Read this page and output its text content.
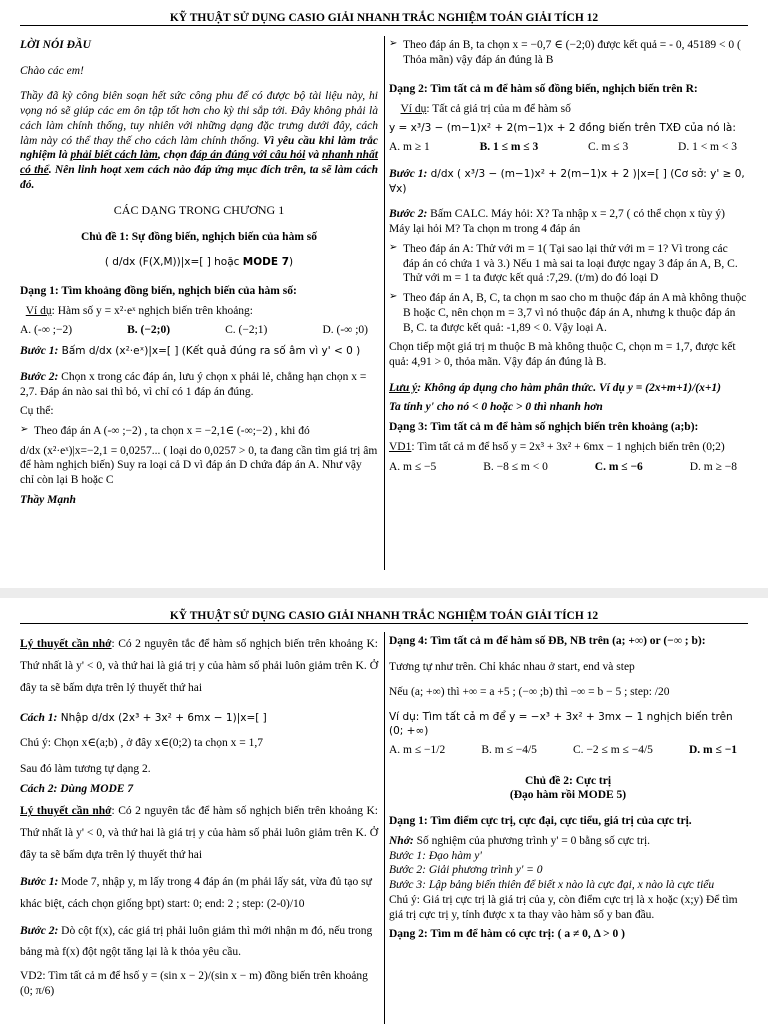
KỸ THUẬT SỬ DỤNG CASIO GIẢI NHANH TRẮC NGHIỆM TOÁN GIẢI TÍCH 12

LỜI NÓI ĐẦU

Chào các em!

Thầy đã kỳ công biên soạn hết sức công phu để có được bộ tài liệu này, hi vọng nó sẽ giúp các em ôn tập tốt hơn cho kỳ thi sắp tới. Đây không phải là cách làm chính thống, tuy nhiên với những dạng đặc trưng dưới đây, cách làm này có thể thay thế cho cách làm chính thống. Vì yêu cầu khi làm trắc nghiệm là phải biết cách làm, chọn đáp án đúng với câu hỏi và nhanh nhất có thể. Nên linh hoạt xem cách nào đáp ứng mục đích trên, ta sẽ làm cách đó.

CÁC DẠNG TRONG CHƯƠNG 1

Chủ đề 1: Sự đồng biến, nghịch biến của hàm số

( d/dx (F(X,M))|x=[ ] hoặc MODE 7)

Dạng 1: Tìm khoảng đồng biến, nghịch biến của hàm số:

Ví dụ: Hàm số y = x²·eˣ nghịch biến trên khoảng:

A. (-∞ ;−2)	B. (−2;0)	C. (−2;1)	D. (-∞ ;0)

Bước 1: Bấm d/dx (x²·eˣ)|x=[ ] (Kết quả đúng ra số âm vì y' < 0 )

Bước 2: Chọn x trong các đáp án, lưu ý chọn x phải lẻ, chẳng hạn chọn x = 2,7. Đáp án nào sai thì bỏ, vì chỉ có 1 đáp án đúng.

Cụ thể:

➢ Theo đáp án A (-∞ ;−2) , ta chọn x = −2,1∈ (-∞;−2) , khi đó

d/dx (x²·eˣ)|x=−2,1 = 0,0257... ( loại do 0,0257 > 0, ta đang cần tìm giá trị âm để hàm nghịch biến) Suy ra loại cả D vì đáp án D chứa đáp án A. Như vậy chỉ còn lại B hoặc C

Thầy Mạnh

➢ Theo đáp án B, ta chọn x = −0,7 ∈ (−2;0) được kết quả = - 0, 45189 < 0 ( Thỏa mãn) vậy đáp án đúng là B

Dạng 2: Tìm tất cả m để hàm số đồng biến, nghịch biến trên R:

Ví dụ: Tất cả giá trị của m để hàm số

y = x³/3 − (m−1)x² + 2(m−1)x + 2 đồng biến trên TXĐ của nó là:

A. m ≥ 1	B. 1 ≤ m ≤ 3	C. m ≤ 3	D. 1 < m < 3

Bước 1: d/dx ( x³/3 − (m−1)x² + 2(m−1)x + 2 )|x=[ ] (Cơ sở: y' ≥ 0, ∀x)

Bước 2: Bấm CALC. Máy hỏi: X? Ta nhập x = 2,7 ( có thể chọn x tùy ý) Máy lại hỏi M? Ta chọn m trong 4 đáp án

➢ Theo đáp án A: Thử với m = 1( Tại sao lại thử với m = 1? Vì trong các đáp án có chứa 1 và 3.) Nếu 1 mà sai ta loại được ngay 3 đáp án A, B, C. Thử với m = 1 ta được kết quả :7,29. (t/m) do đó loại D

➢ Theo đáp án A, B, C, ta chọn m sao cho m thuộc đáp án A mà không thuộc B hoặc C, nên chọn m = 3,7 vì nó thuộc đáp án A, nhưng k thuộc đáp án B, C. ta được kết quả: -1,89 < 0. Vậy loại A.

Chọn tiếp một giá trị m thuộc B mà không thuộc C, chọn m = 1,7, được kết quả: 4,91 > 0, thỏa mãn. Vậy đáp án đúng là B.

Lưu ý: Không áp dụng cho hàm phân thức. Ví dụ y = (2x+m+1)/(x+1)

Ta tính y' cho nó < 0 hoặc > 0 thì nhanh hơn

Dạng 3: Tìm tất cả m để hàm số nghịch biến trên khoảng (a;b):

VD1: Tìm tất cả m để hsố y = 2x³ + 3x² + 6mx − 1 nghịch biến trên (0;2)

A. m ≤ −5	B. −8 ≤ m < 0	C. m ≤ −6	D. m ≥ −8
KỸ THUẬT SỬ DỤNG CASIO GIẢI NHANH TRẮC NGHIỆM TOÁN GIẢI TÍCH 12

Lý thuyết cần nhớ: Có 2 nguyên tắc để hàm số nghịch biến trên khoảng K: Thứ nhất là y' < 0, và thứ hai là giá trị y của hàm số phải luôn giảm trên K. Ở đây ta sẽ bấm dựa trên lý thuyết thứ hai

Cách 1: Nhập d/dx (2x³ + 3x² + 6mx − 1)|x=[ ]

Chú ý: Chọn x∈(a;b) , ở đây x∈(0;2) ta chọn x = 1,7

Sau đó làm tương tự dạng 2.

Cách 2: Dùng MODE 7

Lý thuyết cần nhớ: Có 2 nguyên tắc để hàm số nghịch biến trên khoảng K: Thứ nhất là y' < 0, và thứ hai là giá trị y của hàm số phải luôn giảm trên K. Ở đây ta sẽ bấm dựa trên lý thuyết thứ hai

Bước 1: Mode 7, nhập y, m lấy trong 4 đáp án (m phải lấy sát, vừa đủ tạo sự khác biệt, cách chọn giống bpt) start: 0; end: 2 ; step: (2-0)/10

Bước 2: Dò cột f(x), các giá trị phải luôn giảm thì mới nhận m đó, nếu trong bảng mà f(x) đột ngột tăng lại là k thỏa yêu cầu.

VD2: Tìm tất cả m để hsố y = (sin x − 2)/(sin x − m) đồng biến trên khoảng (0; π/6)

Dạng 4: Tìm tất cả m để hàm số ĐB, NB trên (a; +∞) or (−∞ ; b):

Tương tự như trên. Chỉ khác nhau ở start, end và step

Nếu (a; +∞) thì +∞ = a +5 ; (−∞ ;b) thì −∞ = b − 5 ; step: /20

Ví dụ: Tìm tất cả m để y = −x³ + 3x² + 3mx − 1 nghịch biến trên (0; +∞)

A. m ≤ −1/2	B. m ≤ −4/5	C. −2 ≤ m ≤ −4/5	D. m ≤ −1

Chủ đề 2: Cực trị

(Đạo hàm rồi MODE 5)

Dạng 1: Tìm điểm cực trị, cực đại, cực tiểu, giá trị của cực trị.

Nhớ: Số nghiệm của phương trình y' = 0 bằng số cực trị.

Bước 1: Đạo hàm y'

Bước 2: Giải phương trình y' = 0

Bước 3: Lập bảng biến thiên để biết x nào là cực đại, x nào là cực tiểu

Chú ý: Giá trị cực trị là giá trị của y, còn điểm cực trị là x hoặc (x;y) Để tìm giá trị cực trị y, tính được x ta thay vào hàm số y ban đầu.

Dạng 2: Tìm m để hàm có cực trị: ( a ≠ 0, Δ > 0 )
